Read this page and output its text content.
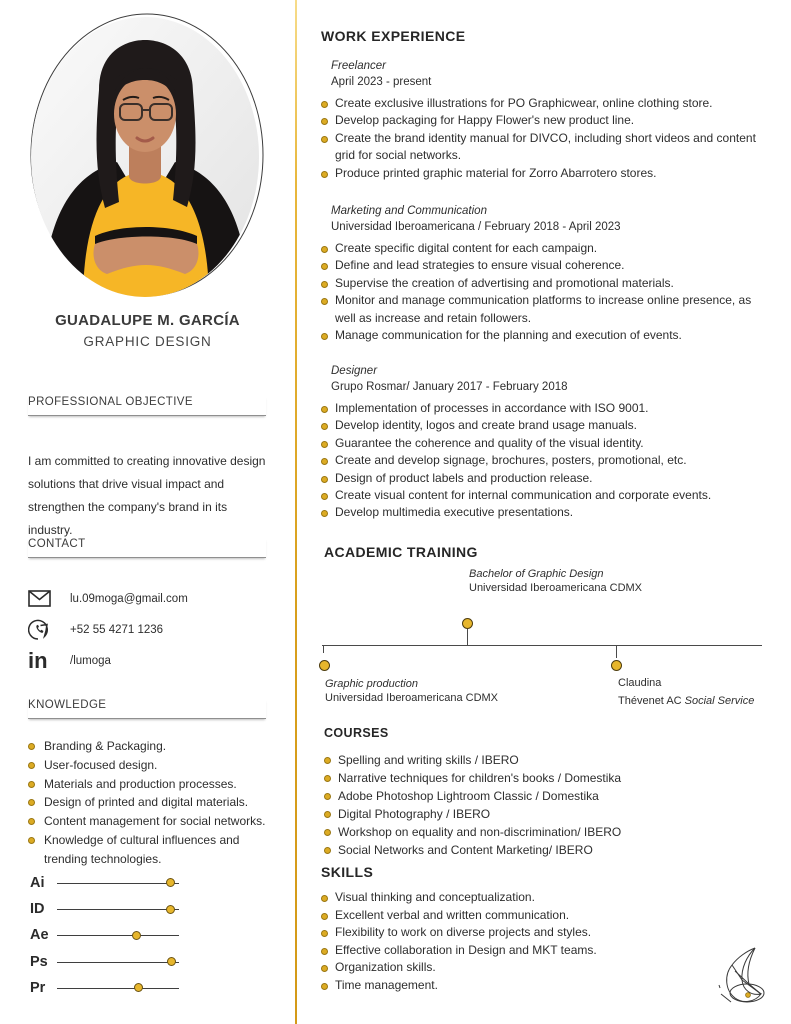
GUADALUPE M. GARCÍA
GRAPHIC DESIGN
PROFESSIONAL OBJECTIVE

I am committed to creating innovative design solutions that drive visual impact and strengthen the company's brand in its industry.

CONTACT
lu.09moga@gmail.com
+52 55 4271 1236
in /lumoga
KNOWLEDGE
Branding & Packaging.
User-focused design.
Materials and production processes.
Design of printed and digital materials.
Content management for social networks.
Knowledge of cultural influences and trending technologies.
Ai
ID
Ae
Ps
Pr
WORK EXPERIENCE
Freelancer
April 2023 - present
Create exclusive illustrations for PO Graphicwear, online clothing store.
Develop packaging for Happy Flower's new product line.
Create the brand identity manual for DIVCO, including short videos and content grid for social networks.
Produce printed graphic material for Zorro Abarrotero stores.
Marketing and Communication
Universidad Iberoamericana / February 2018 - April 2023
Create specific digital content for each campaign.
Define and lead strategies to ensure visual coherence.
Supervise the creation of advertising and promotional materials.
Monitor and manage communication platforms to increase online presence, as well as increase and retain followers.
Manage communication for the planning and execution of events.
Designer
Grupo Rosmar/ January 2017 - February 2018
Implementation of processes in accordance with ISO 9001.
Develop identity, logos and create brand usage manuals.
Guarantee the coherence and quality of the visual identity.
Create and develop signage, brochures, posters, promotional, etc.
Design of product labels and production release.
Create visual content for internal communication and corporate events.
Develop multimedia executive presentations.
ACADEMIC TRAINING
Bachelor of Graphic Design
Universidad Iberoamericana CDMX
Graphic production
Universidad Iberoamericana CDMX
Claudina
Thévenet AC Social Service
COURSES
Spelling and writing skills / IBERO
Narrative techniques for children's books / Domestika
Adobe Photoshop Lightroom Classic / Domestika
Digital Photography / IBERO
Workshop on equality and non-discrimination/ IBERO
Social Networks and Content Marketing/ IBERO
SKILLS
Visual thinking and conceptualization.
Excellent verbal and written communication.
Flexibility to work on diverse projects and styles.
Effective collaboration in Design and MKT teams.
Organization skills.
Time management.
